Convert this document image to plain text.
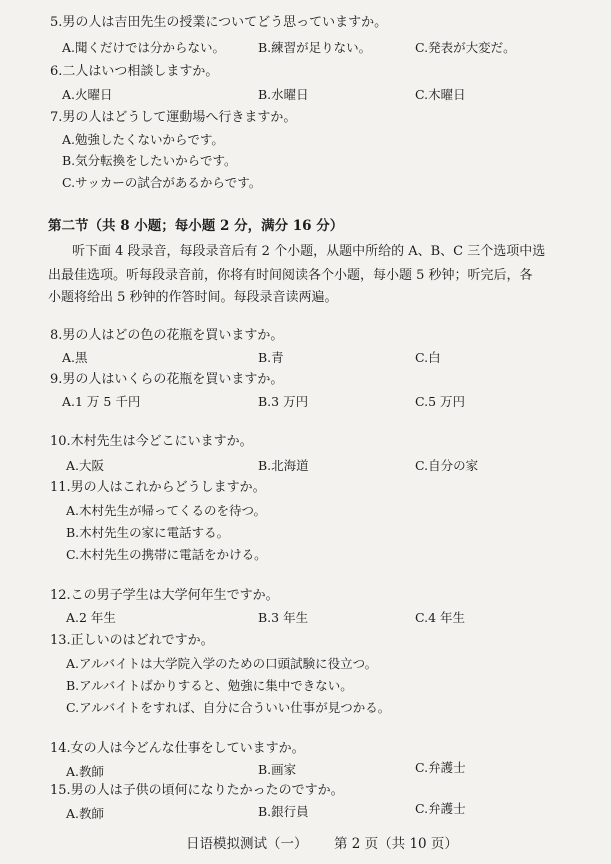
5.男の人は吉田先生の授業についてどう思っていますか。
A.聞くだけでは分からない。	B.練習が足りない。	C.発表が大変だ。
6.二人はいつ相談しますか。
A.火曜日	B.水曜日	C.木曜日
7.男の人はどうして運動場へ行きますか。
A.勉強したくないからです。
B.気分転換をしたいからです。
C.サッカーの試合があるからです。
第二节（共 8 小题；每小题 2 分，满分 16 分）
听下面 4 段录音，每段录音后有 2 个小题，从题中所给的 A、B、C 三个选项中选
出最佳选项。听每段录音前，你将有时间阅读各个小题，每小题 5 秒钟；听完后，各
小题将给出 5 秒钟的作答时间。每段录音读两遍。
8.男の人はどの色の花瓶を買いますか。
A.黒	B.青	C.白
9.男の人はいくらの花瓶を買いますか。
A.1 万 5 千円	B.3 万円	C.5 万円
10.木村先生は今どこにいますか。
A.大阪	B.北海道	C.自分の家
11.男の人はこれからどうしますか。
A.木村先生が帰ってくるのを待つ。
B.木村先生の家に電話する。
C.木村先生の携帯に電話をかける。
12.この男子学生は大学何年生ですか。
A.2 年生	B.3 年生	C.4 年生
13.正しいのはどれですか。
A.アルバイトは大学院入学のための口頭試験に役立つ。
B.アルバイトばかりすると、勉強に集中できない。
C.アルバイトをすれば、自分に合ういい仕事が見つかる。
14.女の人は今どんな仕事をしていますか。
A.教師	B.画家	C.弁護士
15.男の人は子供の頃何になりたかったのですか。
A.教師	B.銀行員	C.弁護士
日语模拟测试（一） 第 2 页（共 10 页）
